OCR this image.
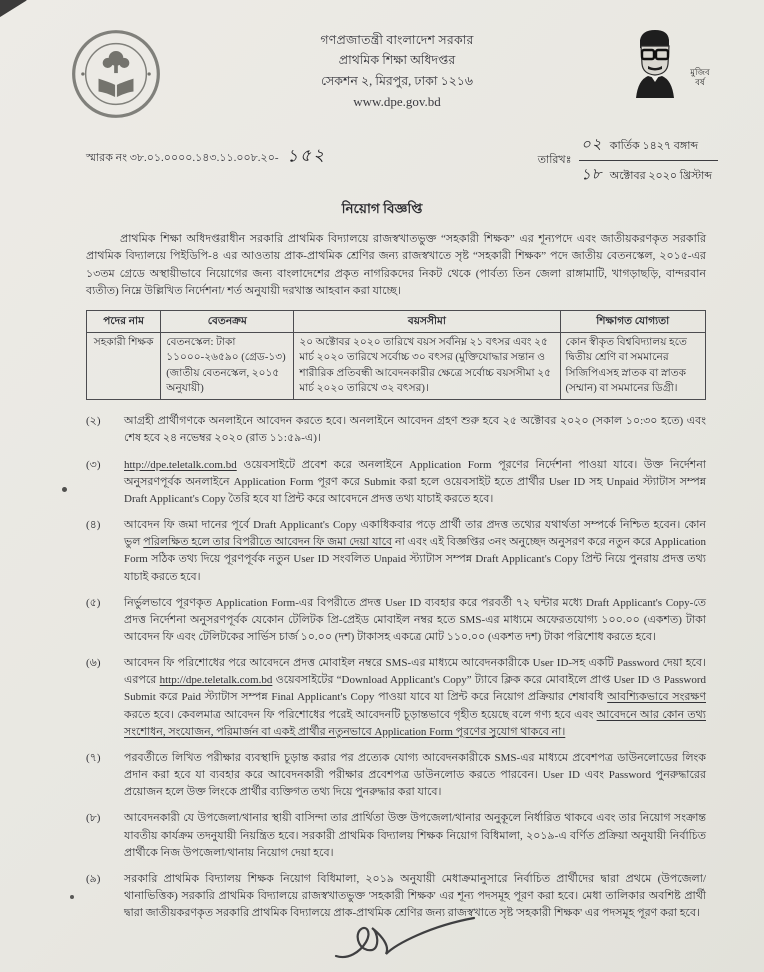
গণপ্রজাতন্ত্রী বাংলাদেশ সরকার
প্রাথমিক শিক্ষা অধিদপ্তর
সেকশন ২, মিরপুর, ঢাকা ১২১৬
www.dpe.gov.bd
মুজিব বর্ষ
স্মারক নং ৩৮.০১.০০০০.১৪৩.১১.০০৮.২০- ১৫২	তারিখঃ
০২ কার্তিক ১৪২৭ বঙ্গাব্দ
১৮ অক্টোবর ২০২০ খ্রিস্টাব্দ
নিয়োগ বিজ্ঞপ্তি

প্রাথমিক শিক্ষা অধিদপ্তরাধীন সরকারি প্রাথমিক বিদ্যালয়ে রাজস্বখাতভুক্ত “সহকারী শিক্ষক” এর শূন্যপদে এবং জাতীয়করণকৃত সরকারি প্রাথমিক বিদ্যালয়ে পিইডিপি-৪ এর আওতায় প্রাক-প্রাথমিক শ্রেণির জন্য রাজস্বখাতে সৃষ্ট “সহকারী শিক্ষক” পদে জাতীয় বেতনস্কেল, ২০১৫-এর ১৩তম গ্রেডে অস্থায়ীভাবে নিয়োগের জন্য বাংলাদেশের প্রকৃত নাগরিকদের নিকট থেকে (পার্বত্য তিন জেলা রাঙ্গামাটি, খাগড়াছড়ি, বান্দরবান ব্যতীত) নিম্নে উল্লিখিত নির্দেশনা/ শর্ত অনুযায়ী দরখাস্ত আহবান করা যাচ্ছে।

পদের নাম	বেতনক্রম	বয়সসীমা	শিক্ষাগত যোগ্যতা
সহকারী শিক্ষক	বেতনস্কেল: টাকা ১১০০০-২৬৫৯০ (গ্রেড-১৩) (জাতীয় বেতনস্কেল, ২০১৫ অনুযায়ী)	২০ অক্টোবর ২০২০ তারিখে বয়স সর্বনিম্ন ২১ বৎসর এবং ২৫ মার্চ ২০২০ তারিখে সর্বোচ্চ ৩০ বৎসর (মুক্তিযোদ্ধার সন্তান ও শারীরিক প্রতিবন্ধী আবেদনকারীর ক্ষেত্রে সর্বোচ্চ বয়সসীমা ২৫ মার্চ ২০২০ তারিখে ৩২ বৎসর)।	কোন স্বীকৃত বিশ্ববিদ্যালয় হতে দ্বিতীয় শ্রেণি বা সমমানের সিজিপিএসহ স্নাতক বা স্নাতক (সম্মান) বা সমমানের ডিগ্রী।
(২)	আগ্রহী প্রার্থীগণকে অনলাইনে আবেদন করতে হবে। অনলাইনে আবেদন গ্রহণ শুরু হবে ২৫ অক্টোবর ২০২০ (সকাল ১০:৩০ হতে) এবং শেষ হবে ২৪ নভেম্বর ২০২০ (রাত ১১:৫৯-এ)।
(৩)	http://dpe.teletalk.com.bd ওয়েবসাইটে প্রবেশ করে অনলাইনে Application Form পূরণের নির্দেশনা পাওয়া যাবে। উক্ত নির্দেশনা অনুসরণপূর্বক অনলাইনে Application Form পূরণ করে Submit করা হলে ওয়েবসাইট হতে প্রার্থীর User ID সহ Unpaid স্ট্যাটাস সম্পন্ন Draft Applicant's Copy তৈরি হবে যা প্রিন্ট করে আবেদনে প্রদত্ত তথ্য যাচাই করতে হবে।
(৪)	আবেদন ফি জমা দানের পূর্বে Draft Applicant's Copy একাধিকবার পড়ে প্রার্থী তার প্রদত্ত তথ্যের যথার্থতা সম্পর্কে নিশ্চিত হবেন। কোন ভুল পরিলক্ষিত হলে তার বিপরীতে আবেদন ফি জমা দেয়া যাবে না এবং এই বিজ্ঞপ্তির ৩নং অনুচ্ছেদ অনুসরণ করে নতুন করে Application Form সঠিক তথ্য দিয়ে পূরণপূর্বক নতুন User ID সংবলিত Unpaid স্ট্যাটাস সম্পন্ন Draft Applicant's Copy প্রিন্ট নিয়ে পুনরায় প্রদত্ত তথ্য যাচাই করতে হবে।
(৫)	নির্ভুলভাবে পূরণকৃত Application Form-এর বিপরীতে প্রদত্ত User ID ব্যবহার করে পরবর্তী ৭২ ঘন্টার মধ্যে Draft Applicant's Copy-তে প্রদত্ত নির্দেশনা অনুসরণপূর্বক যেকোন টেলিটক প্রি-প্রেইড মোবাইল নম্বর হতে SMS-এর মাধ্যমে অফেরতযোগ্য ১০০.০০ (একশত) টাকা আবেদন ফি এবং টেলিটকের সার্ভিস চার্জ ১০.০০ (দশ) টাকাসহ একত্রে মোট ১১০.০০ (একশত দশ) টাকা পরিশোধ করতে হবে।
(৬)	আবেদন ফি পরিশোধের পরে আবেদনে প্রদত্ত মোবাইল নম্বরে SMS-এর মাধ্যমে আবেদনকারীকে User ID-সহ একটি Password দেয়া হবে। এরপরে http://dpe.teletalk.com.bd ওয়েবসাইটের “Download Applicant's Copy” ট্যাবে ক্লিক করে মোবাইলে প্রাপ্ত User ID ও Password Submit করে Paid স্ট্যাটাস সম্পন্ন Final Applicant's Copy পাওয়া যাবে যা প্রিন্ট করে নিয়োগ প্রক্রিয়ার শেষাবধি আবশ্যিকভাবে সংরক্ষণ করতে হবে। কেবলমাত্র আবেদন ফি পরিশোধের পরেই আবেদনটি চূড়ান্তভাবে গৃহীত হয়েছে বলে গণ্য হবে এবং আবেদনে আর কোন তথ্য সংশোধন, সংযোজন, পরিমার্জন বা একই প্রার্থীর নতুনভাবে Application Form পূরণের সুযোগ থাকবে না।
(৭)	পরবর্তীতে লিখিত পরীক্ষার ব্যবস্থাদি চূড়ান্ত করার পর প্রত্যেক যোগ্য আবেদনকারীকে SMS-এর মাধ্যমে প্রবেশপত্র ডাউনলোডের লিংক প্রদান করা হবে যা ব্যবহার করে আবেদনকারী পরীক্ষার প্রবেশপত্র ডাউনলোড করতে পারবেন। User ID এবং Password পুনরুদ্ধারের প্রয়োজন হলে উক্ত লিংকে প্রার্থীর ব্যক্তিগত তথ্য দিয়ে পুনরুদ্ধার করা যাবে।
(৮)	আবেদনকারী যে উপজেলা/থানার স্থায়ী বাসিন্দা তার প্রার্থিতা উক্ত উপজেলা/থানার অনুকূলে নির্ধারিত থাকবে এবং তার নিয়োগ সংক্রান্ত যাবতীয় কার্যক্রম তদনুযায়ী নিয়ন্ত্রিত হবে। সরকারী প্রাথমিক বিদ্যালয় শিক্ষক নিয়োগ বিধিমালা, ২০১৯-এ বর্ণিত প্রক্রিয়া অনুযায়ী নির্বাচিত প্রার্থীকে নিজ উপজেলা/থানায় নিয়োগ দেয়া হবে।
(৯)	সরকারি প্রাথমিক বিদ্যালয় শিক্ষক নিয়োগ বিধিমালা, ২০১৯ অনুযায়ী মেধাক্রমানুসারে নির্বাচিত প্রার্থীদের দ্বারা প্রথমে (উপজেলা/থানাভিত্তিক) সরকারি প্রাথমিক বিদ্যালয়ে রাজস্বখাতভুক্ত 'সহকারী শিক্ষক' এর শূন্য পদসমূহ পূরণ করা হবে। মেধা তালিকার অবশিষ্ট প্রার্থী দ্বারা জাতীয়করণকৃত সরকারি প্রাথমিক বিদ্যালয়ে প্রাক-প্রাথমিক শ্রেণির জন্য রাজস্বখাতে সৃষ্ট 'সহকারী শিক্ষক' এর পদসমূহ পূরণ করা হবে।
